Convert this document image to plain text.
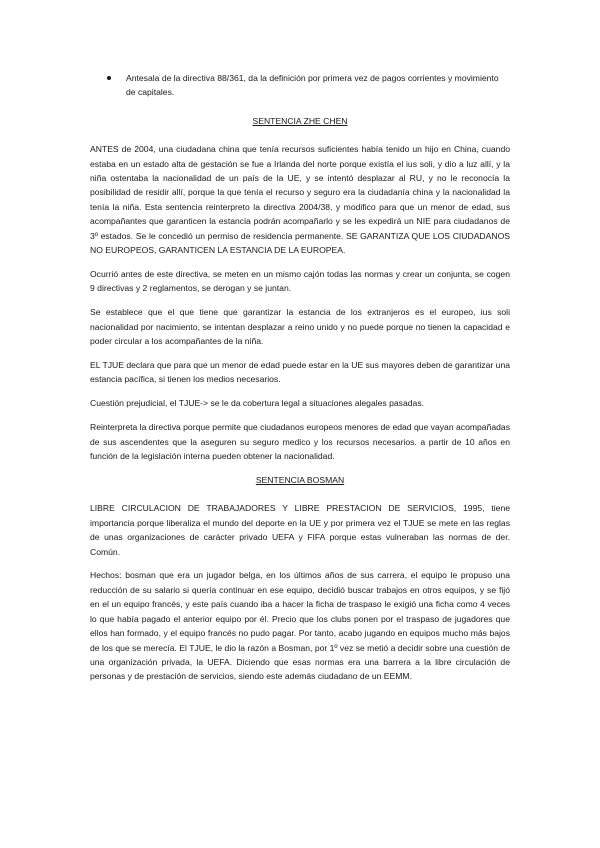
Antesala de la directiva 88/361, da la definición por primera vez de pagos corrientes y movimiento de capitales.
SENTENCIA ZHE CHEN

ANTES de 2004, una ciudadana china que tenía recursos suficientes había tenido un hijo en China, cuando estaba en un estado alta de gestación se fue a Irlanda del norte porque existía el ius soli, y dio a luz allí, y la niña ostentaba la nacionalidad de un país de la UE, y se intentó desplazar al RU, y no le reconocía la posibilidad de residir allí, porque la que tenía el recurso y seguro era la ciudadanía china y la nacionalidad la tenía la niña. Esta sentencia reinterpreto la directiva 2004/38, y modifico para que un menor de edad, sus acompañantes que garanticen la estancia podrán acompañarlo y se les expedirá un NIE para ciudadanos de 3º estados. Se le concedió un permiso de residencia permanente. SE GARANTIZA QUE LOS CIUDADANOS NO EUROPEOS, GARANTICEN LA ESTANCIA DE LA EUROPEA.

Ocurrió antes de este directiva, se meten en un mismo cajón todas las normas y crear un conjunta, se cogen 9 directivas y 2 reglamentos, se derogan y se juntan.

Se establece que el que tiene que garantizar la estancia de los extranjeros es el europeo, ius soli nacionalidad por nacimiento, se intentan desplazar a reino unido y no puede porque no tienen la capacidad e poder circular a los acompañantes de la niña.

EL TJUE declara que para que un menor de edad puede estar en la UE sus mayores deben de garantizar una estancia pacífica, si tienen los medios necesarios.

Cuestión prejudicial, el TJUE-> se le da cobertura legal a situaciones alegales pasadas.

Reinterpreta la directiva porque permite que ciudadanos europeos menores de edad que vayan acompañadas de sus ascendentes que la aseguren su seguro medico y los recursos necesarios. a partir de 10 años en función de la legislación interna pueden obtener la nacionalidad.

SENTENCIA BOSMAN

LIBRE CIRCULACION DE TRABAJADORES Y LIBRE PRESTACION DE SERVICIOS, 1995, tiene importancia porque liberaliza el mundo del deporte en la UE y por primera vez el TJUE se mete en las reglas de unas organizaciones de carácter privado UEFA y FIFA porque estas vulneraban las normas de der. Común.

Hechos: bosman que era un jugador belga, en los últimos años de sus carrera, el equipo le propuso una reducción de su salario si quería continuar en ese equipo, decidió buscar trabajos en otros equipos, y se fijó en el un equipo francés, y este país cuando iba a hacer la ficha de traspaso le exigió una ficha como 4 veces lo que había pagado el anterior equipo por él. Precio que los clubs ponen por el traspaso de jugadores que ellos han formado, y el equipo francés no pudo pagar. Por tanto, acabo jugando en equipos mucho más bajos de los que se merecía. El TJUE, le dio la razón a Bosman, por 1º vez se metió a decidir sobre una cuestión de una organización privada, la UEFA. Diciendo que esas normas era una barrera a la libre circulación de personas y de prestación de servicios, siendo este además ciudadano de un EEMM.
